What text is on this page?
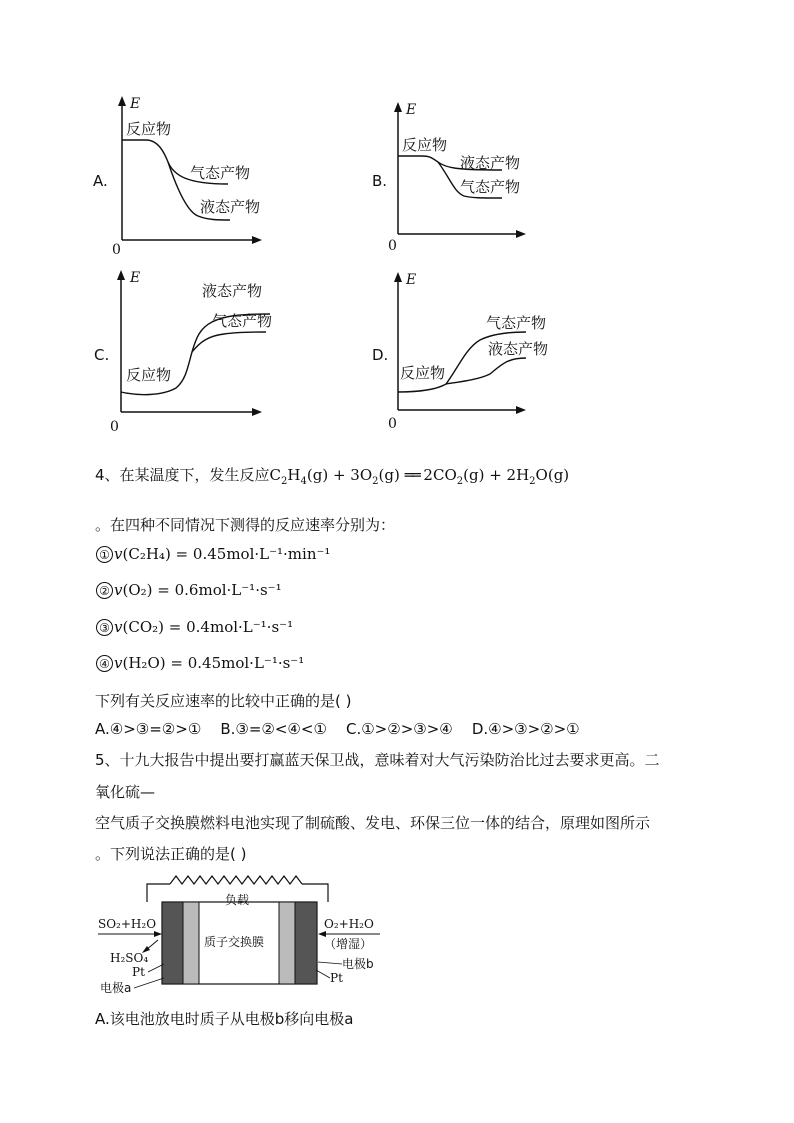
A.
E
0
反应物
气态产物
液态产物
B.
E
0
反应物
液态产物
气态产物
C.
E
0
反应物
液态产物
气态产物
D.
E
0
反应物
气态产物
液态产物
4、在某温度下，发生反应$C_2H_4(g) + 3O_2(g)$ ══ $2CO_2(g) + 2H_2O(g)$
。在四种不同情况下测得的反应速率分别为：
① v(C₂H₄) = 0.45mol·L⁻¹·min⁻¹
② v(O₂) = 0.6mol·L⁻¹·s⁻¹
③ v(CO₂) = 0.4mol·L⁻¹·s⁻¹
④ v(H₂O) = 0.45mol·L⁻¹·s⁻¹
下列有关反应速率的比较中正确的是( )
A.④>③=②>① B.③=②<④<① C.①>②>③>④ D.④>③>②>①
5、十九大报告中提出要打赢蓝天保卫战，意味着对大气污染防治比过去要求更高。二
氧化硫—
空气质子交换膜燃料电池实现了制硫酸、发电、环保三位一体的结合，原理如图所示
。下列说法正确的是( )
负载
质子交换膜
SO₂+H₂O
H₂SO₄
Pt
电极a
O₂+H₂O
（增湿）
电极b
Pt
A.该电池放电时质子从电极b移向电极a
